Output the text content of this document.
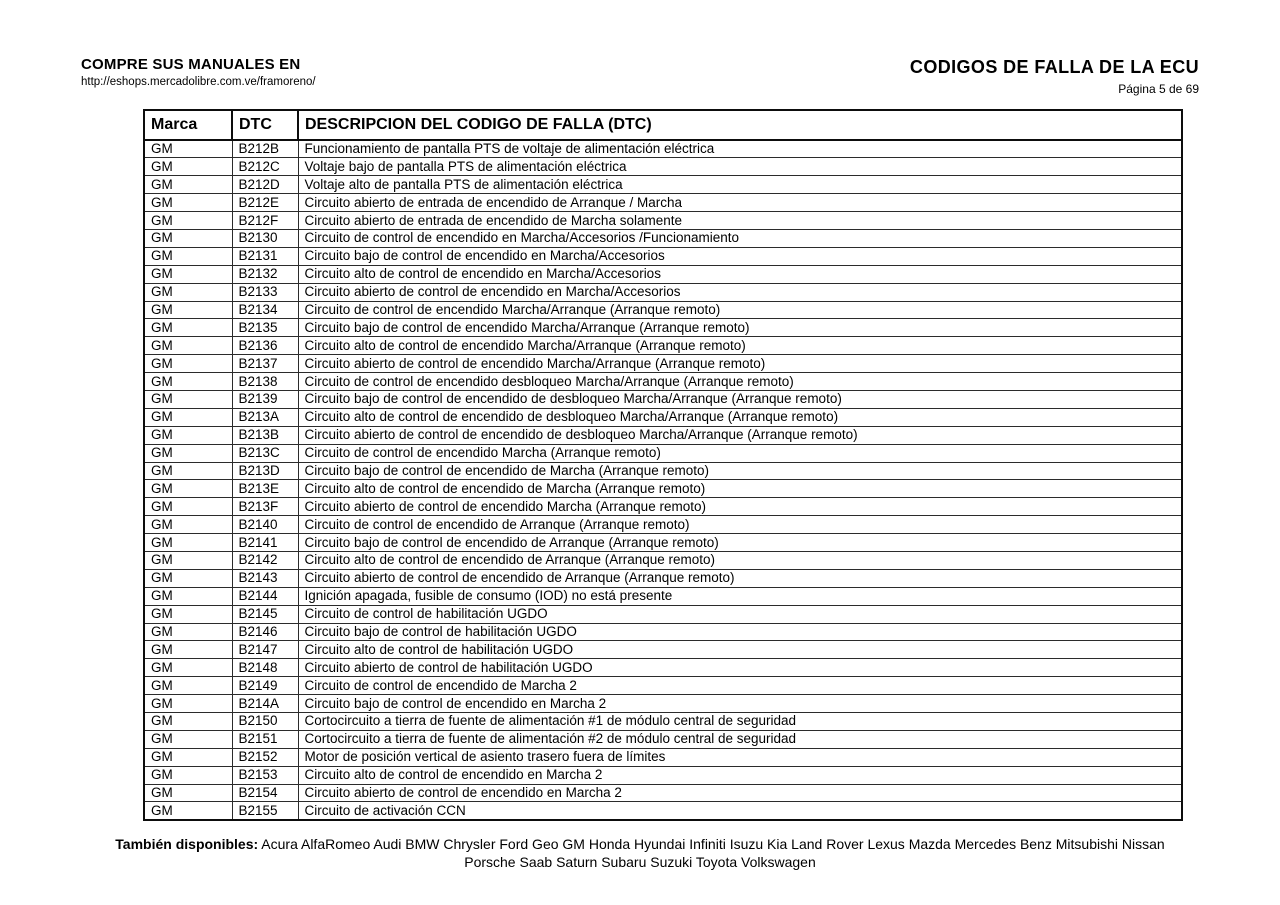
COMPRE SUS MANUALES EN
http://eshops.mercadolibre.com.ve/framoreno/
CODIGOS DE FALLA DE LA ECU
Página 5 de 69
Marca	DTC	DESCRIPCION DEL CODIGO DE FALLA (DTC)
GM	B212B	Funcionamiento de pantalla PTS de voltaje de alimentación eléctrica
GM	B212C	Voltaje bajo de pantalla PTS de alimentación eléctrica
GM	B212D	Voltaje alto de pantalla PTS de alimentación eléctrica
GM	B212E	Circuito abierto de entrada de encendido de Arranque / Marcha
GM	B212F	Circuito abierto de entrada de encendido de Marcha solamente
GM	B2130	Circuito de control de encendido en Marcha/Accesorios /Funcionamiento
GM	B2131	Circuito bajo de control de encendido en Marcha/Accesorios
GM	B2132	Circuito alto de control de encendido en Marcha/Accesorios
GM	B2133	Circuito abierto de control de encendido en Marcha/Accesorios
GM	B2134	Circuito de control de encendido Marcha/Arranque (Arranque remoto)
GM	B2135	Circuito bajo de control de encendido Marcha/Arranque (Arranque remoto)
GM	B2136	Circuito alto de control de encendido Marcha/Arranque (Arranque remoto)
GM	B2137	Circuito abierto de control de encendido Marcha/Arranque (Arranque remoto)
GM	B2138	Circuito de control de encendido desbloqueo Marcha/Arranque (Arranque remoto)
GM	B2139	Circuito bajo de control de encendido de desbloqueo Marcha/Arranque (Arranque remoto)
GM	B213A	Circuito alto de control de encendido de desbloqueo Marcha/Arranque (Arranque remoto)
GM	B213B	Circuito abierto de control de encendido de desbloqueo Marcha/Arranque (Arranque remoto)
GM	B213C	Circuito de control de encendido Marcha (Arranque remoto)
GM	B213D	Circuito bajo de control de encendido de Marcha (Arranque remoto)
GM	B213E	Circuito alto de control de encendido de Marcha (Arranque remoto)
GM	B213F	Circuito abierto de control de encendido Marcha (Arranque remoto)
GM	B2140	Circuito de control de encendido de Arranque (Arranque remoto)
GM	B2141	Circuito bajo de control de encendido de Arranque (Arranque remoto)
GM	B2142	Circuito alto de control de encendido de Arranque (Arranque remoto)
GM	B2143	Circuito abierto de control de encendido de Arranque (Arranque remoto)
GM	B2144	Ignición apagada, fusible de consumo (IOD) no está presente
GM	B2145	Circuito de control de habilitación UGDO
GM	B2146	Circuito bajo de control de habilitación UGDO
GM	B2147	Circuito alto de control de habilitación UGDO
GM	B2148	Circuito abierto de control de habilitación UGDO
GM	B2149	Circuito de control de encendido de Marcha 2
GM	B214A	Circuito bajo de control de encendido en Marcha 2
GM	B2150	Cortocircuito a tierra de fuente de alimentación #1 de módulo central de seguridad
GM	B2151	Cortocircuito a tierra de fuente de alimentación #2 de módulo central de seguridad
GM	B2152	Motor de posición vertical de asiento trasero fuera de límites
GM	B2153	Circuito alto de control de encendido en Marcha 2
GM	B2154	Circuito abierto de control de encendido en Marcha 2
GM	B2155	Circuito de activación CCN
También disponibles: Acura AlfaRomeo Audi BMW Chrysler Ford Geo GM Honda Hyundai Infiniti Isuzu Kia Land Rover Lexus Mazda Mercedes Benz Mitsubishi Nissan
Porsche Saab Saturn Subaru Suzuki Toyota Volkswagen
